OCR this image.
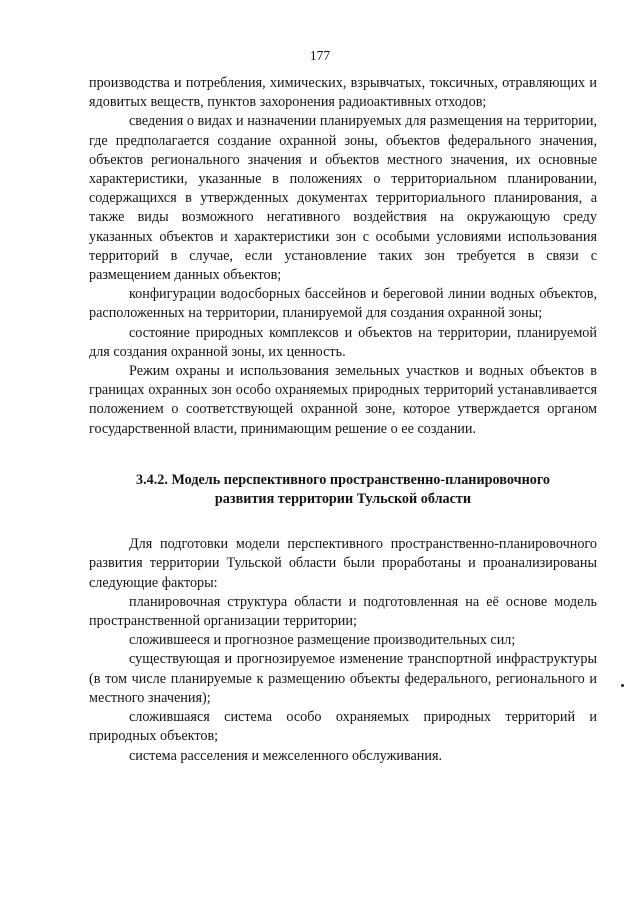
177

производства и потребления, химических, взрывчатых, токсичных, отравляющих и ядовитых веществ, пунктов захоронения радиоактивных отходов;

сведения о видах и назначении планируемых для размещения на территории, где предполагается создание охранной зоны, объектов федерального значения, объектов регионального значения и объектов местного значения, их основные характеристики, указанные в положениях о территориальном планировании, содержащихся в утвержденных документах территориального планирования, а также виды возможного негативного воздействия на окружающую среду указанных объектов и характеристики зон с особыми условиями использования территорий в случае, если установление таких зон требуется в связи с размещением данных объектов;

конфигурации водосборных бассейнов и береговой линии водных объектов, расположенных на территории, планируемой для создания охранной зоны;

состояние природных комплексов и объектов на территории, планируемой для создания охранной зоны, их ценность.

Режим охраны и использования земельных участков и водных объектов в границах охранных зон особо охраняемых природных территорий устанавливается положением о соответствующей охранной зоне, которое утверждается органом государственной власти, принимающим решение о ее создании.

3.4.2. Модель перспективного пространственно-планировочного
развития территории Тульской области

Для подготовки модели перспективного пространственно-планировочного развития территории Тульской области были проработаны и проанализированы следующие факторы:

планировочная структура области и подготовленная на её основе модель пространственной организации территории;

сложившееся и прогнозное размещение производительных сил;

существующая и прогнозируемое изменение транспортной инфраструктуры (в том числе планируемые к размещению объекты федерального, регионального и местного значения);

сложившаяся система особо охраняемых природных территорий и природных объектов;

система расселения и межселенного обслуживания.
